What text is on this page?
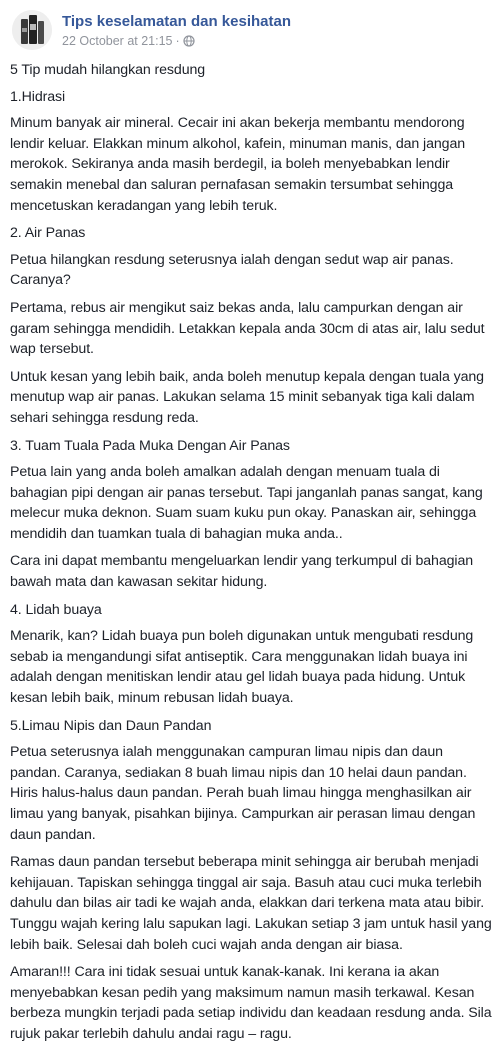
Tips keselamatan dan kesihatan
22 October at 21:15 ·

5 Tip mudah hilangkan resdung

1.Hidrasi

Minum banyak air mineral. Cecair ini akan bekerja membantu mendorong lendir keluar. Elakkan minum alkohol, kafein, minuman manis, dan jangan merokok. Sekiranya anda masih berdegil, ia boleh menyebabkan lendir semakin menebal dan saluran pernafasan semakin tersumbat sehingga mencetuskan keradangan yang lebih teruk.

2. Air Panas

Petua hilangkan resdung seterusnya ialah dengan sedut wap air panas. Caranya?

Pertama, rebus air mengikut saiz bekas anda, lalu campurkan dengan air garam sehingga mendidih. Letakkan kepala anda 30cm di atas air, lalu sedut wap tersebut.

Untuk kesan yang lebih baik, anda boleh menutup kepala dengan tuala yang menutup wap air panas. Lakukan selama 15 minit sebanyak tiga kali dalam sehari sehingga resdung reda.

3. Tuam Tuala Pada Muka Dengan Air Panas

Petua lain yang anda boleh amalkan adalah dengan menuam tuala di bahagian pipi dengan air panas tersebut. Tapi janganlah panas sangat, kang melecur muka deknon. Suam suam kuku pun okay. Panaskan air, sehingga mendidih dan tuamkan tuala di bahagian muka anda..

Cara ini dapat membantu mengeluarkan lendir yang terkumpul di bahagian bawah mata dan kawasan sekitar hidung.

4. Lidah buaya

Menarik, kan? Lidah buaya pun boleh digunakan untuk mengubati resdung sebab ia mengandungi sifat antiseptik. Cara menggunakan lidah buaya ini adalah dengan menitiskan lendir atau gel lidah buaya pada hidung. Untuk kesan lebih baik, minum rebusan lidah buaya.

5.Limau Nipis dan Daun Pandan

Petua seterusnya ialah menggunakan campuran limau nipis dan daun pandan. Caranya, sediakan 8 buah limau nipis dan 10 helai daun pandan. Hiris halus-halus daun pandan. Perah buah limau hingga menghasilkan air limau yang banyak, pisahkan bijinya. Campurkan air perasan limau dengan daun pandan.

Ramas daun pandan tersebut beberapa minit sehingga air berubah menjadi kehijauan. Tapiskan sehingga tinggal air saja. Basuh atau cuci muka terlebih dahulu dan bilas air tadi ke wajah anda, elakkan dari terkena mata atau bibir. Tunggu wajah kering lalu sapukan lagi. Lakukan setiap 3 jam untuk hasil yang lebih baik. Selesai dah boleh cuci wajah anda dengan air biasa.

Amaran!!! Cara ini tidak sesuai untuk kanak-kanak. Ini kerana ia akan menyebabkan kesan pedih yang maksimum namun masih terkawal. Kesan berbeza mungkin terjadi pada setiap individu dan keadaan resdung anda. Sila rujuk pakar terlebih dahulu andai ragu – ragu.
